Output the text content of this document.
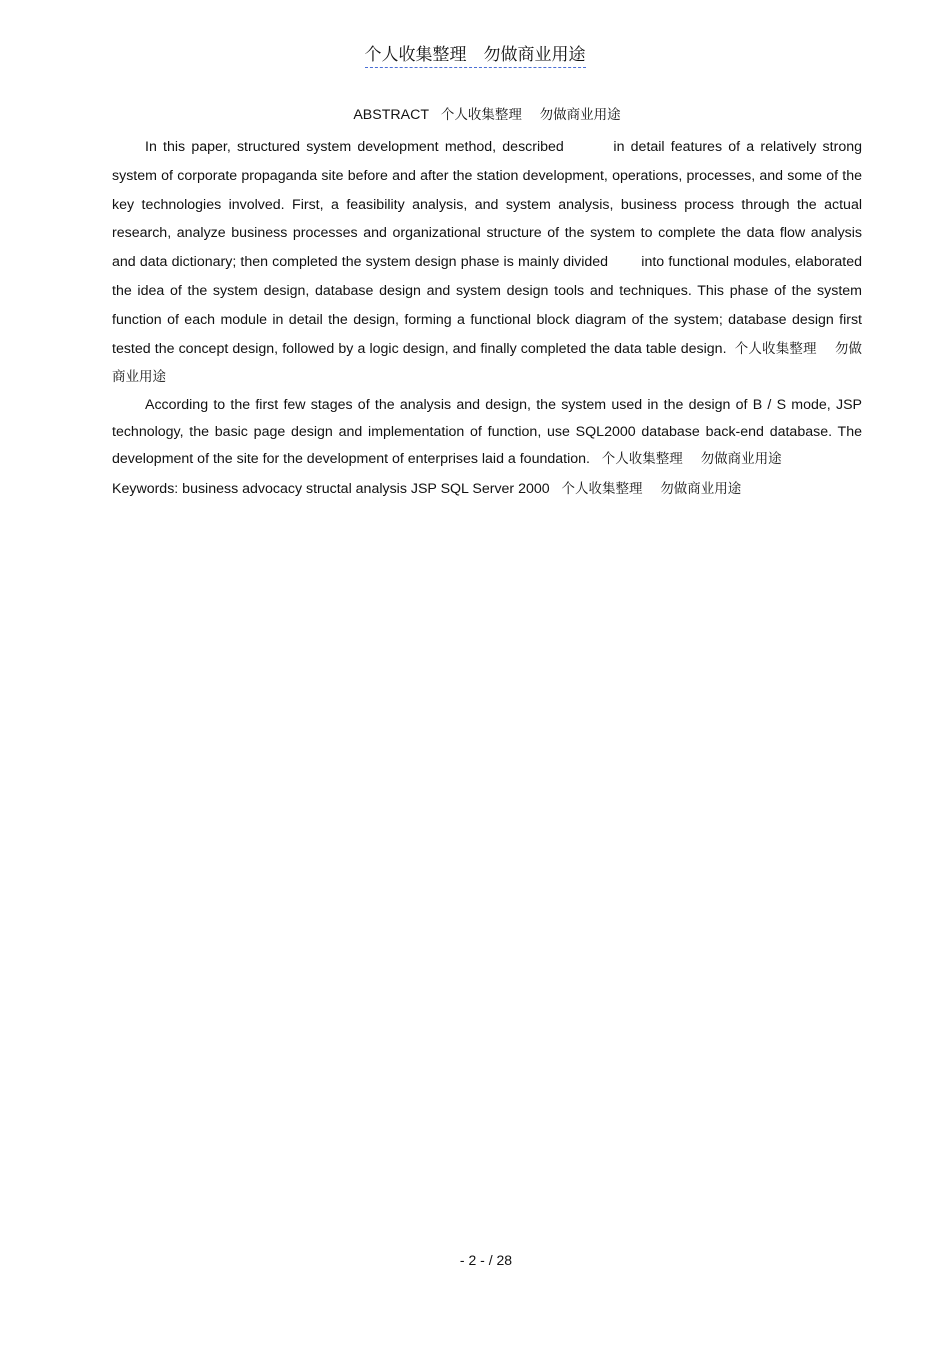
个人收集整理　勿做商业用途
ABSTRACT 个人收集整理　 勿做商业用途

In this paper, structured system development method, described        in detail features of a relatively strong system of corporate propaganda site before and after the station development, operations, processes, and some of the key technologies involved. First, a feasibility analysis, and system analysis, business process through the actual research, analyze business processes and organizational structure of the system to complete the data flow analysis and data dictionary; then completed the system design phase is mainly divided        into functional modules, elaborated the idea of the system design, database design and system design tools and techniques. This phase of the system function of each module in detail the design, forming a functional block diagram of the system; database design first tested the concept design, followed by a logic design, and finally completed the data table design. 个人收集整理　 勿做商业用途

According to the first few stages of the analysis and design, the system used in the design of B / S mode, JSP technology, the basic page design and implementation of function, use SQL2000 database back-end database. The development of the site for the development of enterprises laid a foundation. 个人收集整理　 勿做商业用途

Keywords: business advocacy structal analysis JSP SQL Server 2000 个人收集整理　 勿做商业用途

- 2 - / 28
